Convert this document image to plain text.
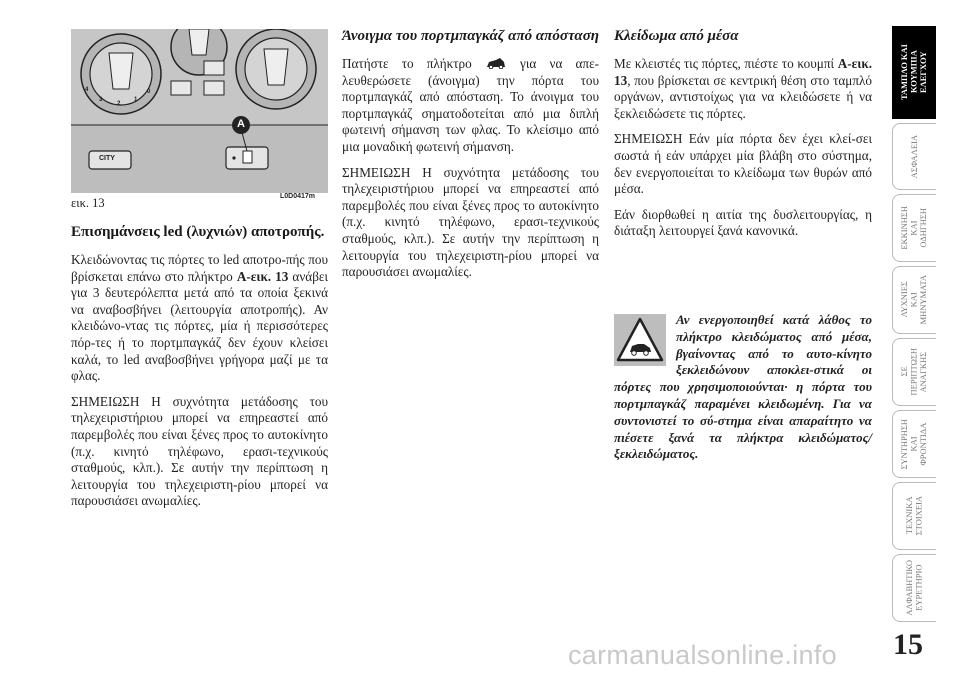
4
3
2
1
0
CITY
A
εικ. 13	L0D0417m
Επισημάνσεις led (λυχνιών) αποτροπής.

Κλειδώνοντας τις πόρτες το led αποτρο-πής που βρίσκεται επάνω στο πλήκτρο A-εικ. 13 ανάβει για 3 δευτερόλεπτα μετά από τα οποία ξεκινά να αναβοσβήνει (λειτουργία αποτροπής). Αν κλειδώνο-ντας τις πόρτες, μία ή περισσότερες πόρ-τες ή το πορτμπαγκάζ δεν έχουν κλείσει καλά, το led αναβοσβήνει γρήγορα μαζί με τα φλας.

ΣΗΜΕΙΩΣΗ Η συχνότητα μετάδοσης του τηλεχειριστήριου μπορεί να επηρεαστεί από παρεμβολές που είναι ξένες προς το αυτοκίνητο (π.χ. κινητό τηλέφωνο, ερασι-τεχνικούς σταθμούς, κλπ.). Σε αυτήν την περίπτωση η λειτουργία του τηλεχειριστη-ρίου μπορεί να παρουσιάσει ανωμαλίες.

Άνοιγμα του πορτμπαγκάζ από απόσταση

Πατήστε το πλήκτρο  για να απε-λευθερώσετε (άνοιγμα) την πόρτα του πορτμπαγκάζ από απόσταση. Το άνοιγμα του πορτμπαγκάζ σηματοδοτείται από μια διπλή φωτεινή σήμανση των φλας. Το κλείσιμο από μια μοναδική φωτεινή σήμανση.

ΣΗΜΕΙΩΣΗ Η συχνότητα μετάδοσης του τηλεχειριστήριου μπορεί να επηρεαστεί από παρεμβολές που είναι ξένες προς το αυτοκίνητο (π.χ. κινητό τηλέφωνο, ερασι-τεχνικούς σταθμούς, κλπ.). Σε αυτήν την περίπτωση η λειτουργία του τηλεχειριστη-ρίου μπορεί να παρουσιάσει ανωμαλίες.

Κλείδωμα από μέσα

Με κλειστές τις πόρτες, πιέστε το κουμπί A-εικ. 13, που βρίσκεται σε κεντρική θέση στο ταμπλό οργάνων, αντιστοίχως για να κλειδώσετε ή να ξεκλειδώσετε τις πόρτες.

ΣΗΜΕΙΩΣΗ Εάν μία πόρτα δεν έχει κλεί-σει σωστά ή εάν υπάρχει μία βλάβη στο σύστημα, δεν ενεργοποιείται το κλείδωμα των θυρών από μέσα.

Εάν διορθωθεί η αιτία της δυσλειτουργίας, η διάταξη λειτουργεί ξανά κανονικά.

Αν ενεργοποιηθεί κατά λάθος το πλήκτρο κλειδώματος από μέσα, βγαίνοντας από το αυτο-κίνητο ξεκλειδώνουν αποκλει-στικά οι πόρτες που χρησιμοποιούνται· η πόρτα του πορτμπαγκάζ παραμένει κλειδωμένη. Για να συντονιστεί το σύ-στημα είναι απαραίτητο να πιέσετε ξανά τα πλήκτρα κλειδώματος/ξεκλειδώματος.

ΤΑΜΠΛΟ ΚΑΙ
ΚΟΥΜΠΙΑ
ΕΛΕΓΧΟΥ
ΑΣΦΑΛΕΙΑ
ΕΚΚΙΝΗΣΗ
ΚΑΙ
ΟΔΗΓΗΣΗ
ΛΥΧΝΙΕΣ
ΚΑΙ
ΜΗΝΥΜΑΤΑ
ΣΕ
ΠΕΡΙΠΤΩΣΗ
ΑΝΑΓΚΗΣ
ΣΥΝΤΗΡΗΣΗ
ΚΑΙ
ΦΡΟΝΤΙΔΑ
ΤΕΧΝΙΚΑ
ΣΤΟΙΧΕΙΑ
ΑΛΦΑΒΗΤΙΚΟ
ΕΥΡΕΤΗΡΙΟ
15
carmanualsonline.info
